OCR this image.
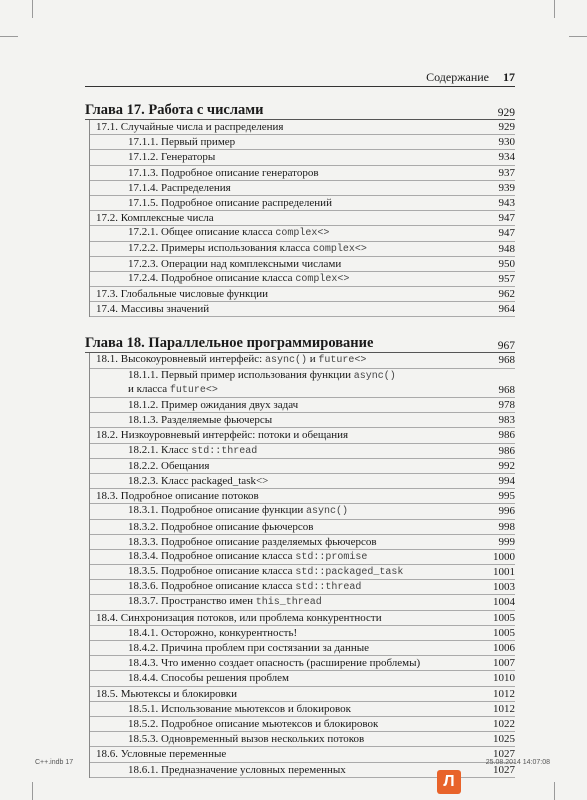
Содержание 17
Глава 17. Работа с числами	929
17.1. Случайные числа и распределения	929
17.1.1. Первый пример	930
17.1.2. Генераторы	934
17.1.3. Подробное описание генераторов	937
17.1.4. Распределения	939
17.1.5. Подробное описание распределений	943
17.2. Комплексные числа	947
17.2.1. Общее описание класса complex<>	947
17.2.2. Примеры использования класса complex<>	948
17.2.3. Операции над комплексными числами	950
17.2.4. Подробное описание класса complex<>	957
17.3. Глобальные числовые функции	962
17.4. Массивы значений	964
Глава 18. Параллельное программирование	967
18.1. Высокоуровневый интерфейс: async() и future<>	968
18.1.1. Первый пример использования функции async()
и класса future<>	968
18.1.2. Пример ожидания двух задач	978
18.1.3. Разделяемые фьючерсы	983
18.2. Низкоуровневый интерфейс: потоки и обещания	986
18.2.1. Класс std::thread	986
18.2.2. Обещания	992
18.2.3. Класс packaged_task<>	994
18.3. Подробное описание потоков	995
18.3.1. Подробное описание функции async()	996
18.3.2. Подробное описание фьючерсов	998
18.3.3. Подробное описание разделяемых фьючерсов	999
18.3.4. Подробное описание класса std::promise	1000
18.3.5. Подробное описание класса std::packaged_task	1001
18.3.6. Подробное описание класса std::thread	1003
18.3.7. Пространство имен this_thread	1004
18.4. Синхронизация потоков, или проблема конкурентности	1005
18.4.1. Осторожно, конкурентность!	1005
18.4.2. Причина проблем при состязании за данные	1006
18.4.3. Что именно создает опасность (расширение проблемы)	1007
18.4.4. Способы решения проблем	1010
18.5. Мьютексы и блокировки	1012
18.5.1. Использование мьютексов и блокировок	1012
18.5.2. Подробное описание мьютексов и блокировок	1022
18.5.3. Одновременный вызов нескольких потоков	1025
18.6. Условные переменные	1027
18.6.1. Предназначение условных переменных	1027
C++.indb 17	25.08.2014 14:07:08
Л
